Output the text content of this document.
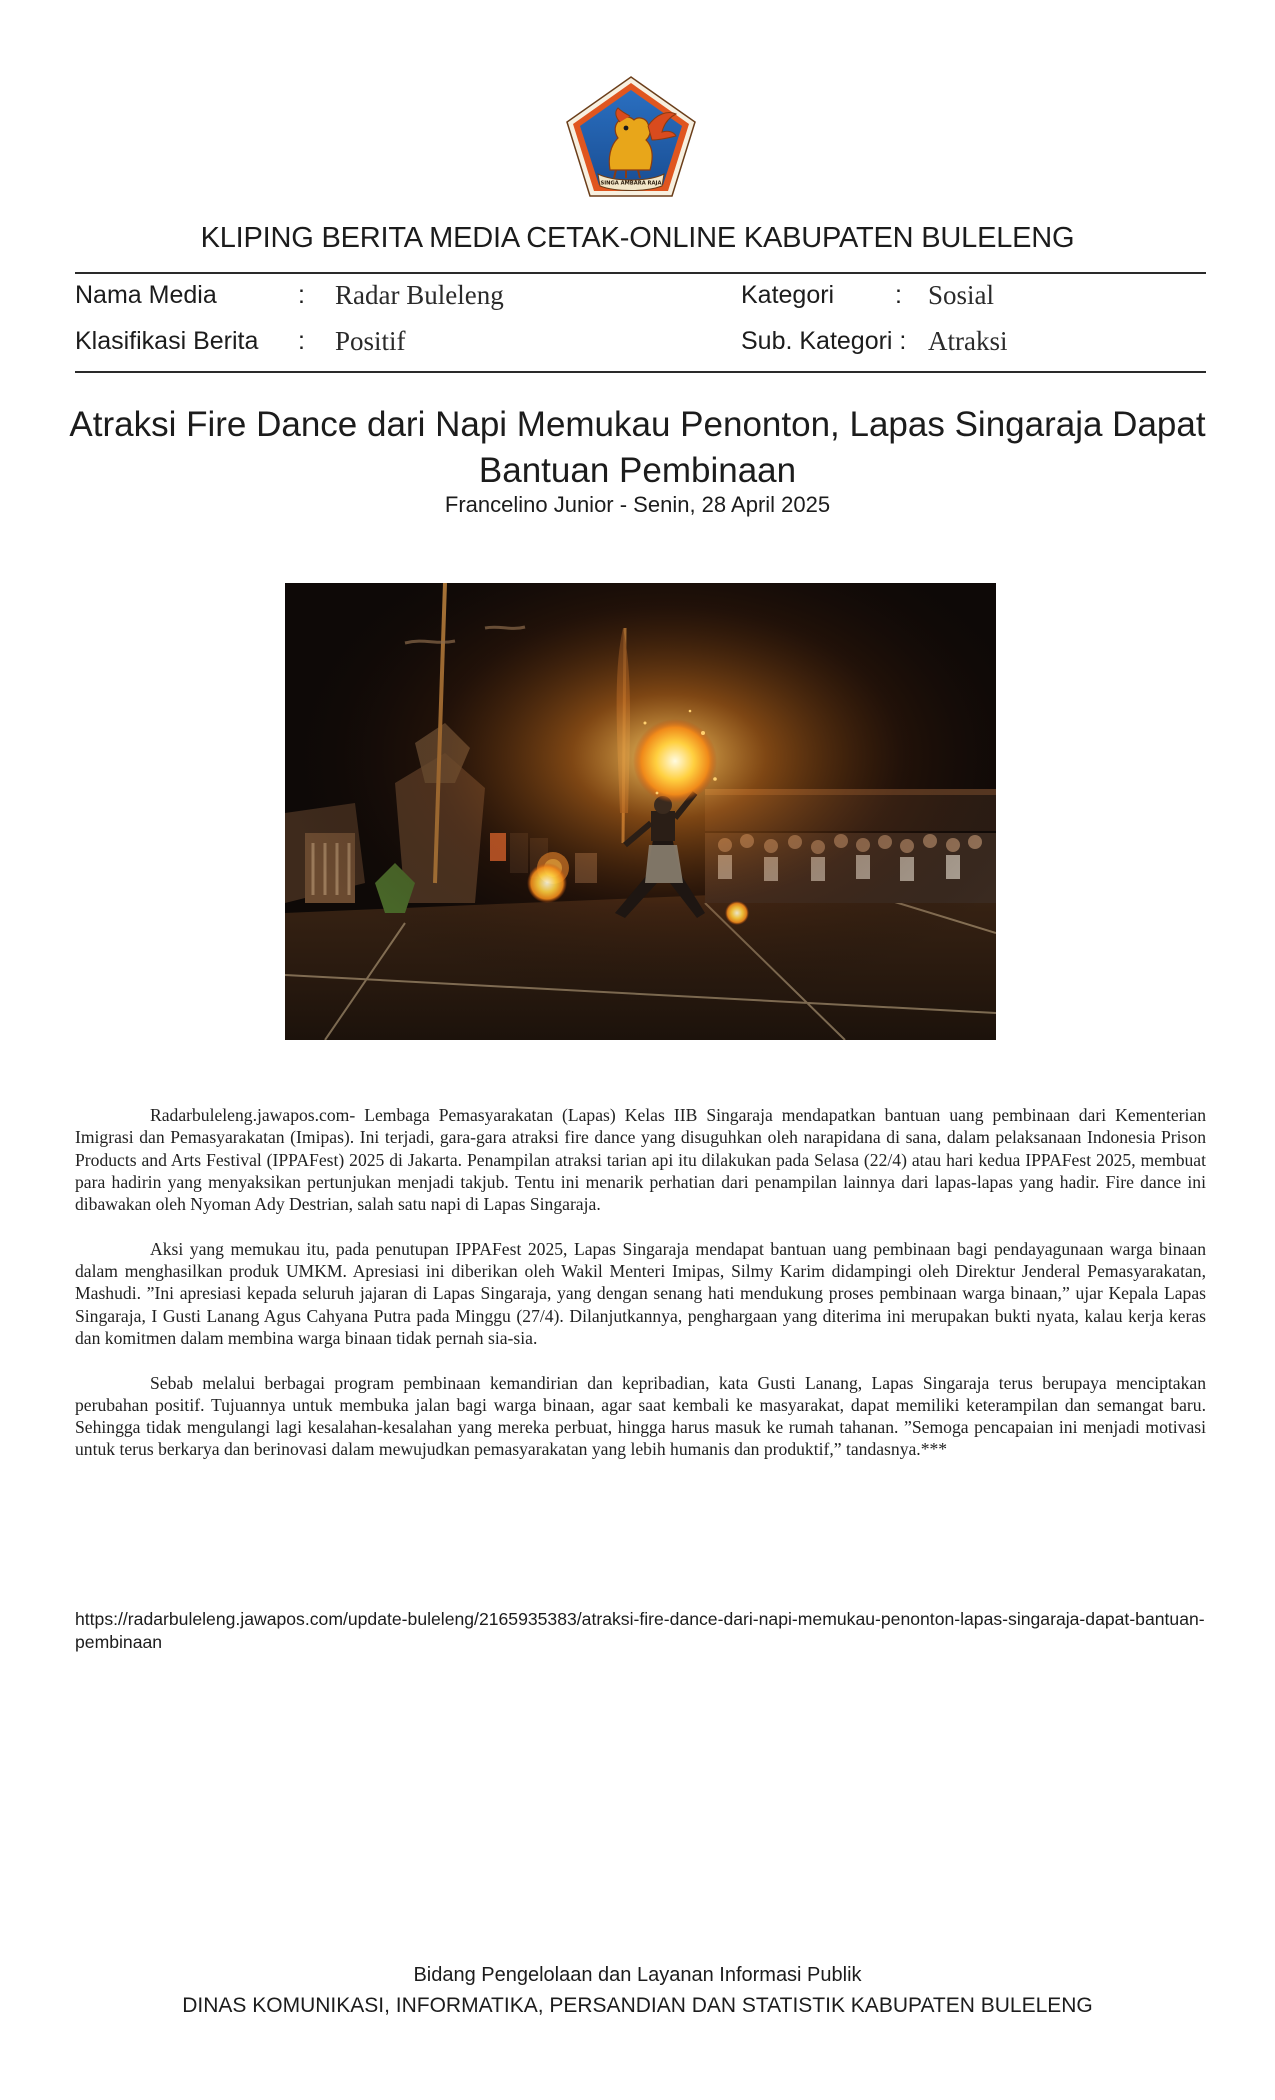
SINGA AMBARA RAJA
KLIPING BERITA MEDIA CETAK-ONLINE KABUPATEN BULELENG
Nama Media	: Radar Buleleng	Kategori : Sosial
Klasifikasi Berita : Positif	Sub. Kategori : Atraksi
Atraksi Fire Dance dari Napi Memukau Penonton, Lapas Singaraja Dapat Bantuan Pembinaan
Francelino Junior - Senin, 28 April 2025

Radarbuleleng.jawapos.com- Lembaga Pemasyarakatan (Lapas) Kelas IIB Singaraja mendapatkan bantuan uang pembinaan dari Kementerian Imigrasi dan Pemasyarakatan (Imipas). Ini terjadi, gara-gara atraksi fire dance yang disuguhkan oleh narapidana di sana, dalam pelaksanaan Indonesia Prison Products and Arts Festival (IPPAFest) 2025 di Jakarta. Penampilan atraksi tarian api itu dilakukan pada Selasa (22/4) atau hari kedua IPPAFest 2025, membuat para hadirin yang menyaksikan pertunjukan menjadi takjub. Tentu ini menarik perhatian dari penampilan lainnya dari lapas-lapas yang hadir. Fire dance ini dibawakan oleh Nyoman Ady Destrian, salah satu napi di Lapas Singaraja.

Aksi yang memukau itu, pada penutupan IPPAFest 2025, Lapas Singaraja mendapat bantuan uang pembinaan bagi pendayagunaan warga binaan dalam menghasilkan produk UMKM. Apresiasi ini diberikan oleh Wakil Menteri Imipas, Silmy Karim didampingi oleh Direktur Jenderal Pemasyarakatan, Mashudi. ”Ini apresiasi kepada seluruh jajaran di Lapas Singaraja, yang dengan senang hati mendukung proses pembinaan warga binaan,” ujar Kepala Lapas Singaraja, I Gusti Lanang Agus Cahyana Putra pada Minggu (27/4). Dilanjutkannya, penghargaan yang diterima ini merupakan bukti nyata, kalau kerja keras dan komitmen dalam membina warga binaan tidak pernah sia-sia.

Sebab melalui berbagai program pembinaan kemandirian dan kepribadian, kata Gusti Lanang, Lapas Singaraja terus berupaya menciptakan perubahan positif. Tujuannya untuk membuka jalan bagi warga binaan, agar saat kembali ke masyarakat, dapat memiliki keterampilan dan semangat baru. Sehingga tidak mengulangi lagi kesalahan-kesalahan yang mereka perbuat, hingga harus masuk ke rumah tahanan. ”Semoga pencapaian ini menjadi motivasi untuk terus berkarya dan berinovasi dalam mewujudkan pemasyarakatan yang lebih humanis dan produktif,” tandasnya.***

https://radarbuleleng.jawapos.com/update-buleleng/2165935383/atraksi-fire-dance-dari-napi-memukau-penonton-lapas-singaraja-dapat-bantuan-pembinaan
Bidang Pengelolaan dan Layanan Informasi Publik
DINAS KOMUNIKASI, INFORMATIKA, PERSANDIAN DAN STATISTIK KABUPATEN BULELENG
